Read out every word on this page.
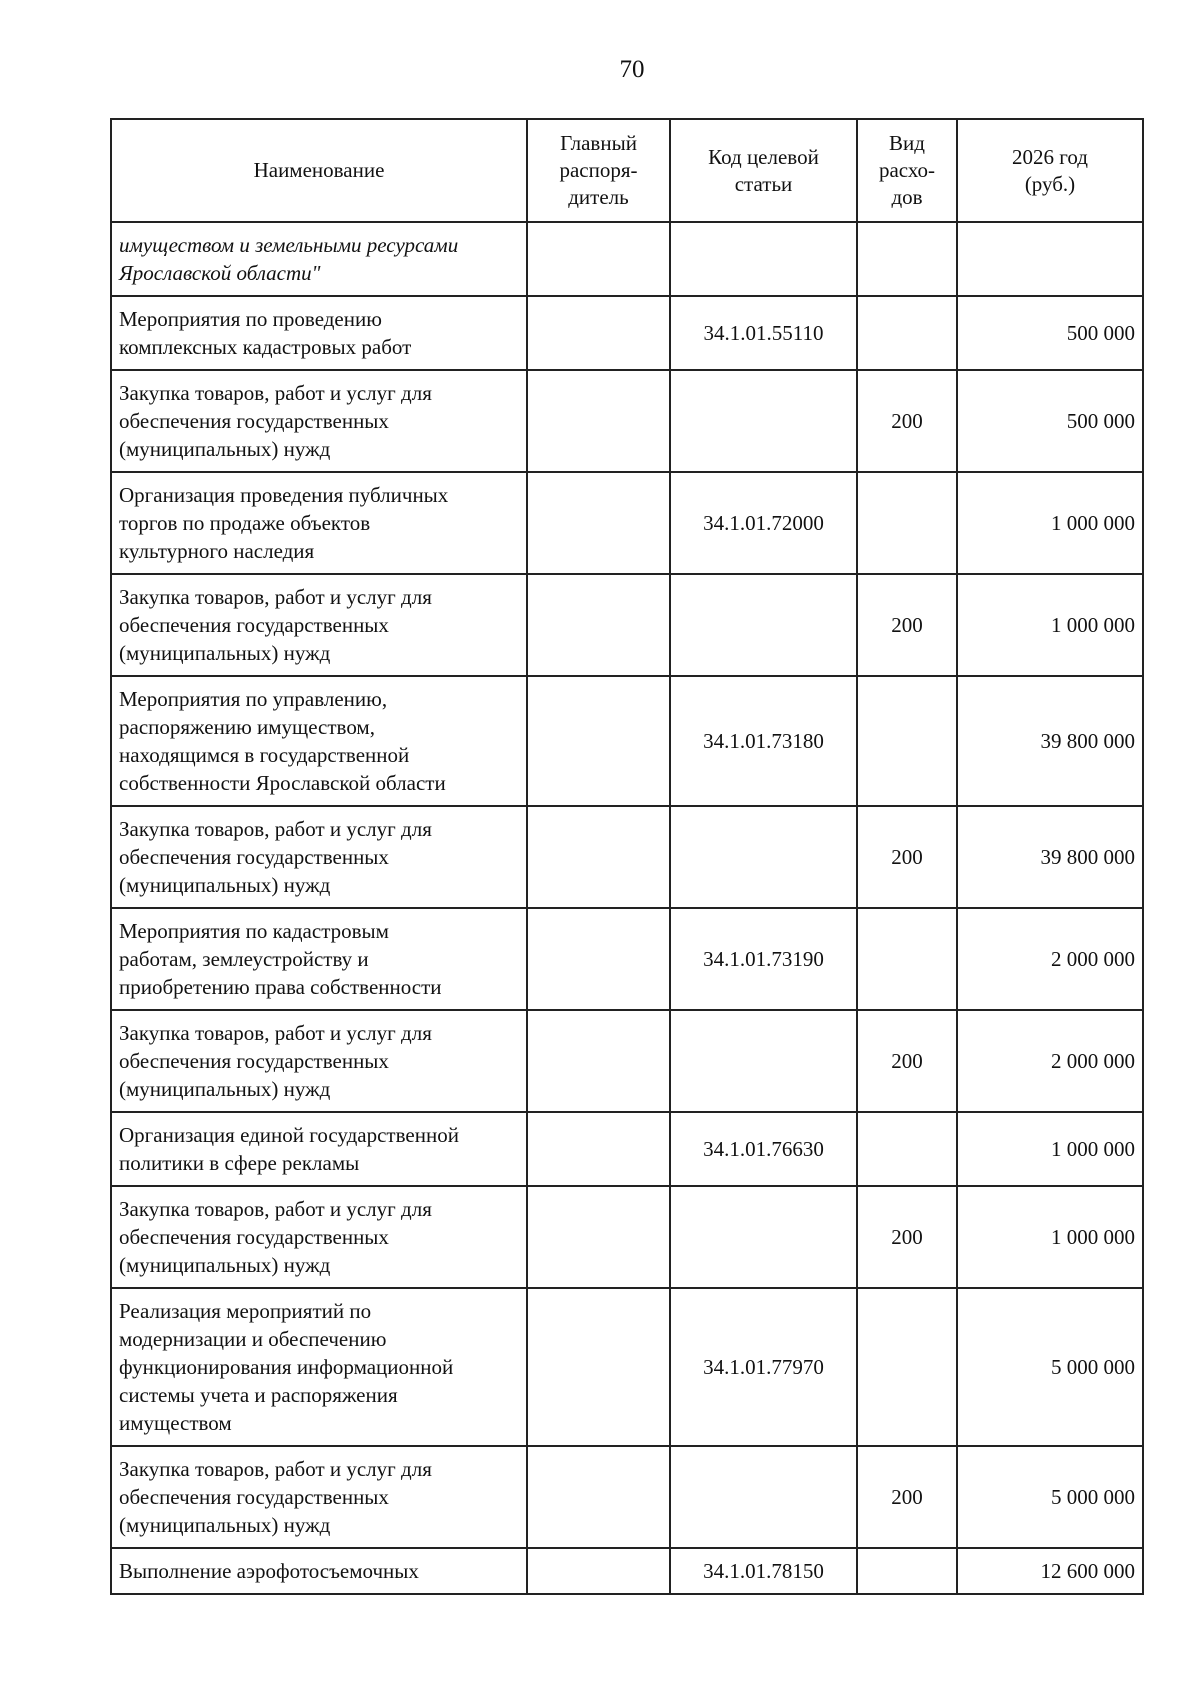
70
Наименование	Главный
распоря-
дитель	Код целевой
статьи	Вид
расхо-
дов	2026 год
(руб.)
имуществом и земельными ресурсами
Ярославской области"				
Мероприятия по проведению
комплексных кадастровых работ		34.1.01.55110		500 000
Закупка товаров, работ и услуг для
обеспечения государственных
(муниципальных) нужд			200	500 000
Организация проведения публичных
торгов по продаже объектов
культурного наследия		34.1.01.72000		1 000 000
Закупка товаров, работ и услуг для
обеспечения государственных
(муниципальных) нужд			200	1 000 000
Мероприятия по управлению,
распоряжению имуществом,
находящимся в государственной
собственности Ярославской области		34.1.01.73180		39 800 000
Закупка товаров, работ и услуг для
обеспечения государственных
(муниципальных) нужд			200	39 800 000
Мероприятия по кадастровым
работам, землеустройству и
приобретению права собственности		34.1.01.73190		2 000 000
Закупка товаров, работ и услуг для
обеспечения государственных
(муниципальных) нужд			200	2 000 000
Организация единой государственной
политики в сфере рекламы		34.1.01.76630		1 000 000
Закупка товаров, работ и услуг для
обеспечения государственных
(муниципальных) нужд			200	1 000 000
Реализация мероприятий по
модернизации и обеспечению
функционирования информационной
системы учета и распоряжения
имуществом		34.1.01.77970		5 000 000
Закупка товаров, работ и услуг для
обеспечения государственных
(муниципальных) нужд			200	5 000 000
Выполнение аэрофотосъемочных		34.1.01.78150		12 600 000
